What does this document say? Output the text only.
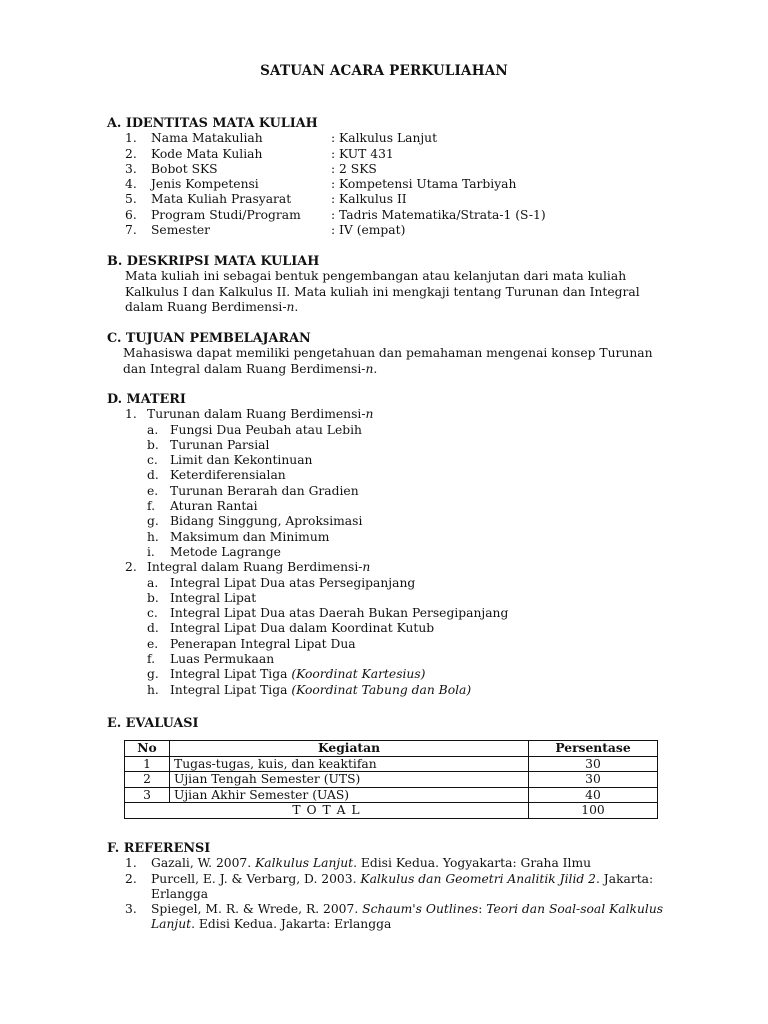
SATUAN ACARA PERKULIAHAN
A. IDENTITAS MATA KULIAH
1. Nama Matakuliah	: Kalkulus Lanjut
2. Kode Mata Kuliah	: KUT 431
3. Bobot SKS	: 2 SKS
4. Jenis Kompetensi	: Kompetensi Utama Tarbiyah
5. Mata Kuliah Prasyarat	: Kalkulus II
6. Program Studi/Program : Tadris Matematika/Strata-1 (S-1)
7. Semester	: IV (empat)
B. DESKRIPSI MATA KULIAH
Mata kuliah ini sebagai bentuk pengembangan atau kelanjutan dari mata kuliah Kalkulus I dan Kalkulus II. Mata kuliah ini mengkaji tentang Turunan dan Integral dalam Ruang Berdimensi-n.
C. TUJUAN PEMBELAJARAN
Mahasiswa dapat memiliki pengetahuan dan pemahaman mengenai konsep Turunan dan Integral dalam Ruang Berdimensi-n.
D. MATERI
1. Turunan dalam Ruang Berdimensi-n
a. Fungsi Dua Peubah atau Lebih
b. Turunan Parsial
c. Limit dan Kekontinuan
d. Keterdiferensialan
e. Turunan Berarah dan Gradien
f. Aturan Rantai
g. Bidang Singgung, Aproksimasi
h. Maksimum dan Minimum
i. Metode Lagrange
2. Integral dalam Ruang Berdimensi-n
a. Integral Lipat Dua atas Persegipanjang
b. Integral Lipat
c. Integral Lipat Dua atas Daerah Bukan Persegipanjang
d. Integral Lipat Dua dalam Koordinat Kutub
e. Penerapan Integral Lipat Dua
f. Luas Permukaan
g. Integral Lipat Tiga (Koordinat Kartesius)
h. Integral Lipat Tiga (Koordinat Tabung dan Bola)
E. EVALUASI
No	Kegiatan	Persentase
1	Tugas-tugas, kuis, dan keaktifan	30
2	Ujian Tengah Semester (UTS)	30
3	Ujian Akhir Semester (UAS)	40
T O T A L		100
F. REFERENSI
1. Gazali, W. 2007. Kalkulus Lanjut. Edisi Kedua. Yogyakarta: Graha Ilmu
2. Purcell, E. J. & Verbarg, D. 2003. Kalkulus dan Geometri Analitik Jilid 2. Jakarta: Erlangga
3. Spiegel, M. R. & Wrede, R. 2007. Schaum's Outlines: Teori dan Soal-soal Kalkulus Lanjut. Edisi Kedua. Jakarta: Erlangga
